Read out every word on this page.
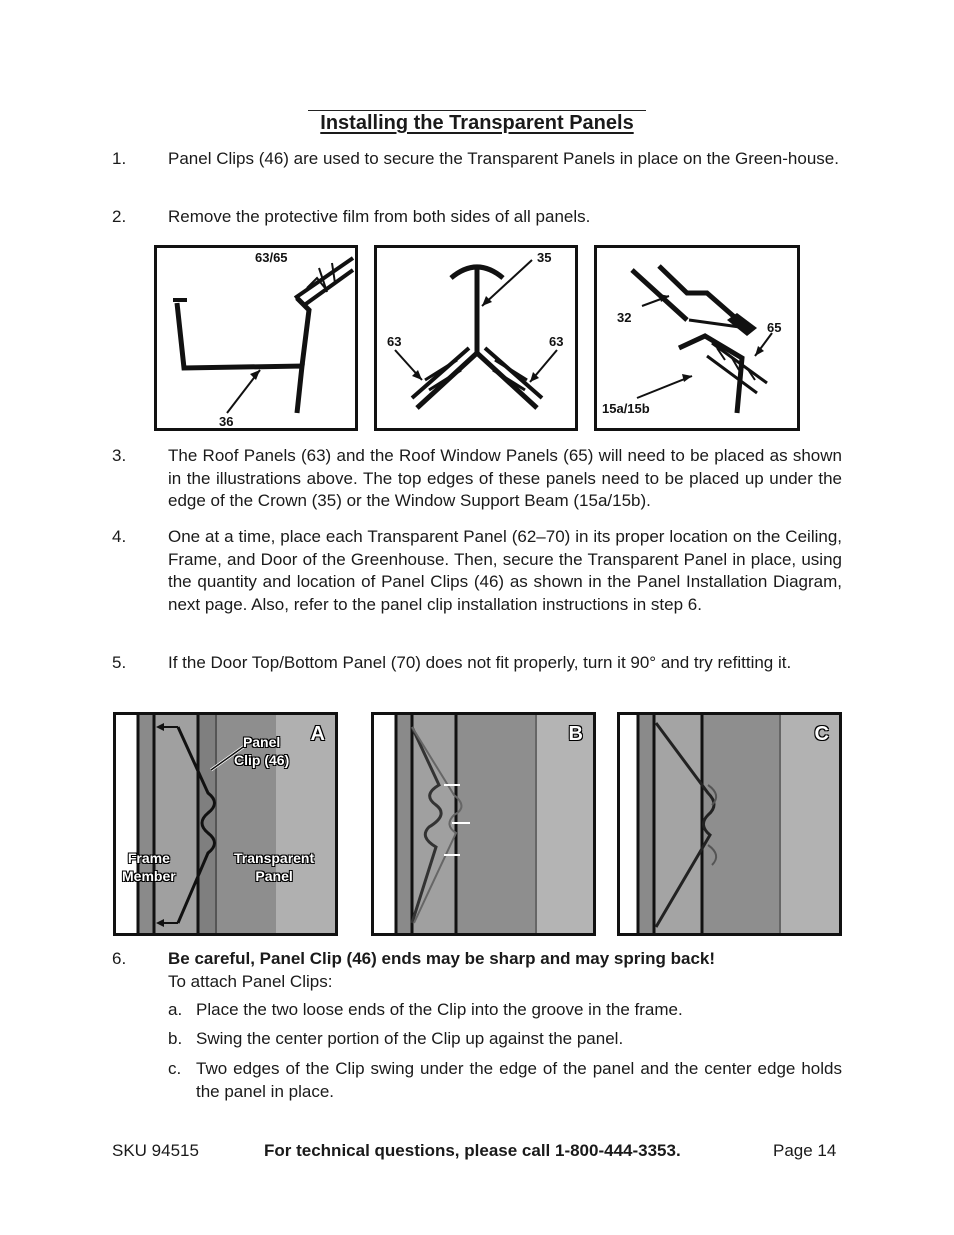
Installing the Transparent Panels
1. Panel Clips (46) are used to secure the Transparent Panels in place on the Green-house.
2. Remove the protective film from both sides of all panels.
63/65
36
35
63	63
32
65
15a/15b
3. The Roof Panels (63) and the Roof Window Panels (65) will need to be placed as shown in the illustrations above. The top edges of these panels need to be placed up under the edge of the Crown (35) or the Window Support Beam (15a/15b).
4. One at a time, place each Transparent Panel (62–70) in its proper location on the Ceiling, Frame, and Door of the Greenhouse. Then, secure the Transparent Panel in place, using the quantity and location of Panel Clips (46) as shown in the Panel Installation Diagram, next page. Also, refer to the panel clip installation instructions in step 6.
5. If the Door Top/Bottom Panel (70) does not fit properly, turn it 90° and try refitting it.
A
Panel
Clip (46)
Frame
Member
Transparent
Panel
B	C
6. Be careful, Panel Clip (46) ends may be sharp and may spring back!
To attach Panel Clips:
a. Place the two loose ends of the Clip into the groove in the frame.
b. Swing the center portion of the Clip up against the panel.
c. Two edges of the Clip swing under the edge of the panel and the center edge holds the panel in place.
SKU 94515	For technical questions, please call 1-800-444-3353.	Page 14
